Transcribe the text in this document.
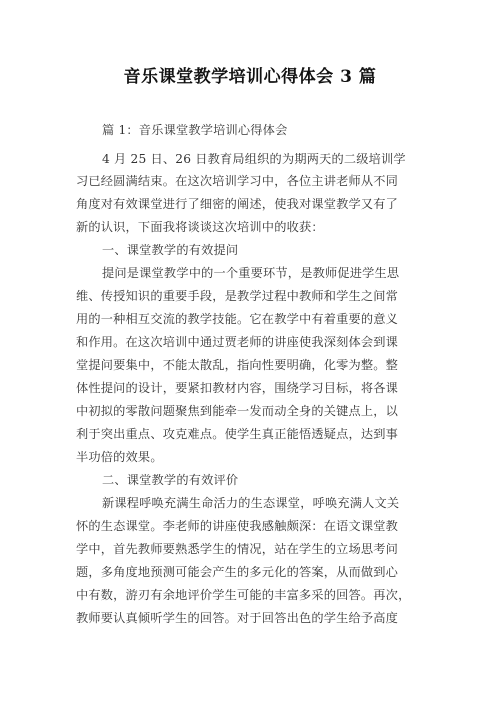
音乐课堂教学培训心得体会 3 篇
篇 1：音乐课堂教学培训心得体会
4 月 25 日、26 日教育局组织的为期两天的二级培训学
习已经圆满结束。在这次培训学习中，各位主讲老师从不同
角度对有效课堂进行了细密的阐述，使我对课堂教学又有了
新的认识，下面我将谈谈这次培训中的收获：
一、课堂教学的有效提问
提问是课堂教学中的一个重要环节，是教师促进学生思
维、传授知识的重要手段，是教学过程中教师和学生之间常
用的一种相互交流的教学技能。它在教学中有着重要的意义
和作用。在这次培训中通过贾老师的讲座使我深刻体会到课
堂提问要集中，不能太散乱，指向性要明确，化零为整。整
体性提问的设计，要紧扣教材内容，围绕学习目标，将各课
中初拟的零散问题聚焦到能牵一发而动全身的关键点上，以
利于突出重点、攻克难点。使学生真正能悟透疑点，达到事
半功倍的效果。
二、课堂教学的有效评价
新课程呼唤充满生命活力的生态课堂，呼唤充满人文关
怀的生态课堂。李老师的讲座使我感触颇深：在语文课堂教
学中，首先教师要熟悉学生的情况，站在学生的立场思考问
题，多角度地预测可能会产生的多元化的答案，从而做到心
中有数，游刃有余地评价学生可能的丰富多采的回答。再次，
教师要认真倾听学生的回答。对于回答出色的学生给予高度
